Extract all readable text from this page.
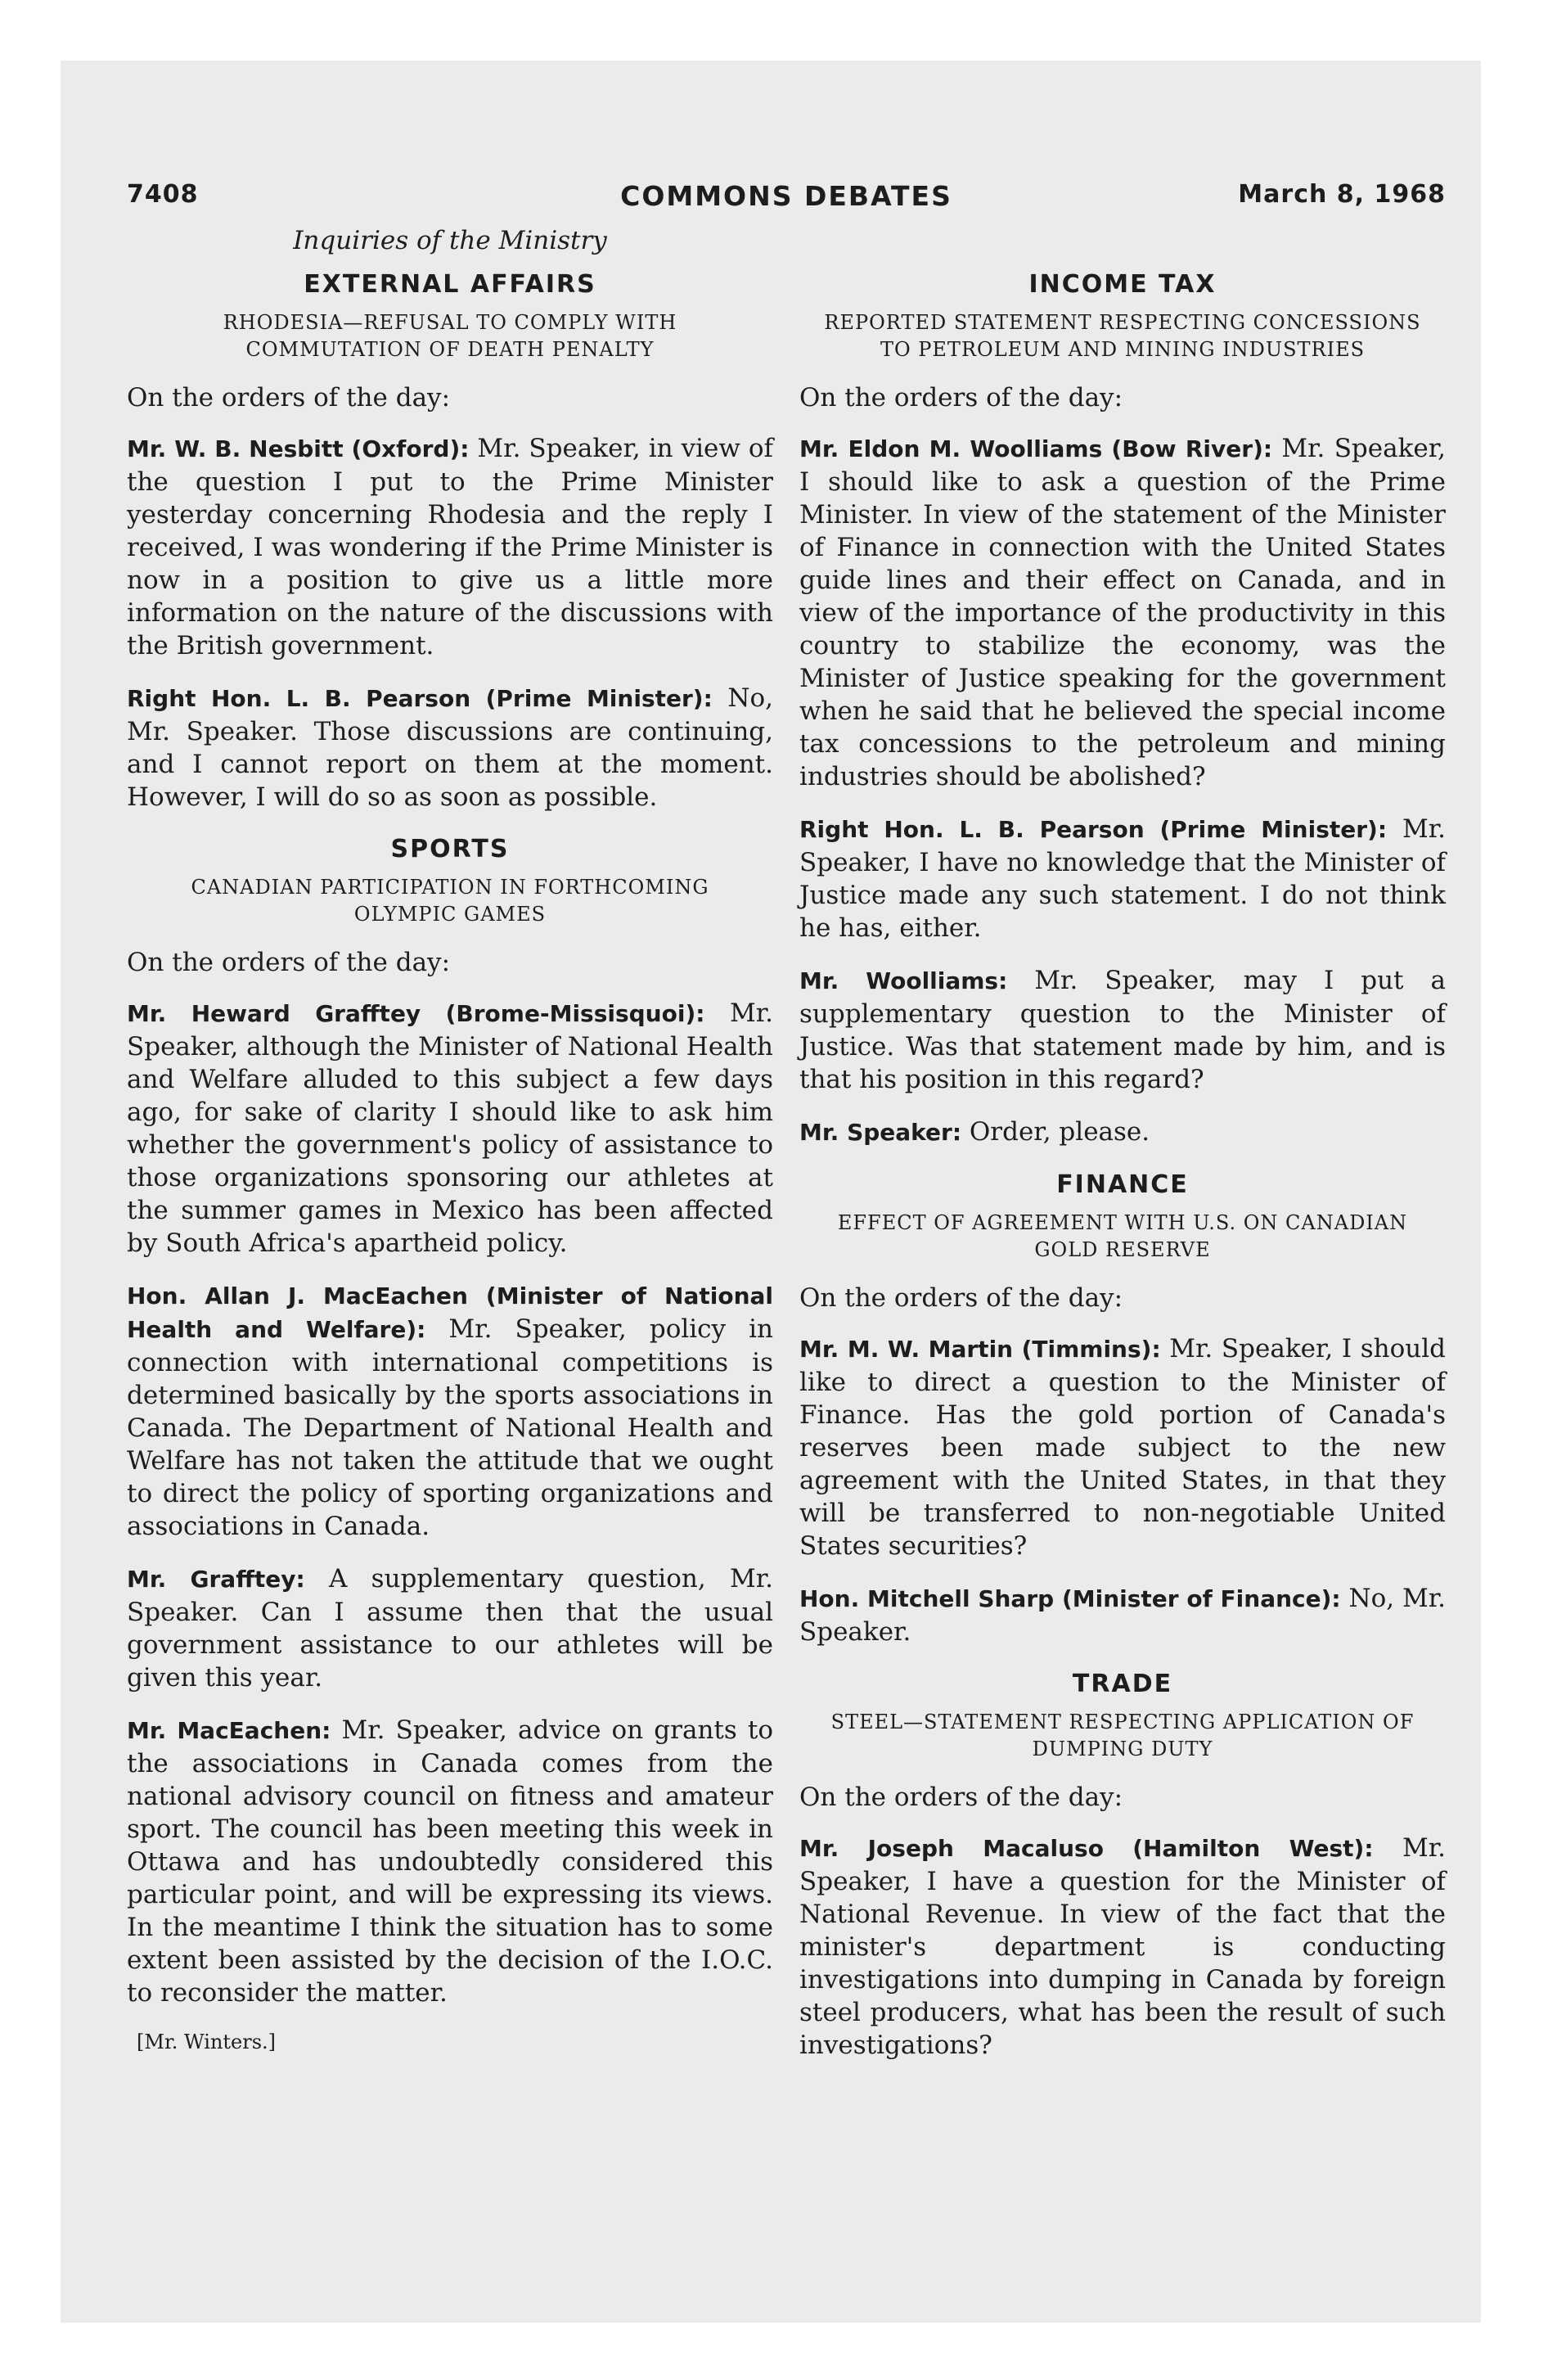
7408	COMMONS DEBATES	March 8, 1968
Inquiries of the Ministry
EXTERNAL AFFAIRS
RHODESIA—REFUSAL TO COMPLY WITH COMMUTATION OF DEATH PENALTY
On the orders of the day:

Mr. W. B. Nesbitt (Oxford): Mr. Speaker, in view of the question I put to the Prime Minister yesterday concerning Rhodesia and the reply I received, I was wondering if the Prime Minister is now in a position to give us a little more information on the nature of the discussions with the British government.

Right Hon. L. B. Pearson (Prime Minister): No, Mr. Speaker. Those discussions are continuing, and I cannot report on them at the moment. However, I will do so as soon as possible.

SPORTS
CANADIAN PARTICIPATION IN FORTHCOMING OLYMPIC GAMES
On the orders of the day:

Mr. Heward Grafftey (Brome-Missisquoi): Mr. Speaker, although the Minister of National Health and Welfare alluded to this subject a few days ago, for sake of clarity I should like to ask him whether the government's policy of assistance to those organizations sponsoring our athletes at the summer games in Mexico has been affected by South Africa's apartheid policy.

Hon. Allan J. MacEachen (Minister of National Health and Welfare): Mr. Speaker, policy in connection with international competitions is determined basically by the sports associations in Canada. The Department of National Health and Welfare has not taken the attitude that we ought to direct the policy of sporting organizations and associations in Canada.

Mr. Grafftey: A supplementary question, Mr. Speaker. Can I assume then that the usual government assistance to our athletes will be given this year.

Mr. MacEachen: Mr. Speaker, advice on grants to the associations in Canada comes from the national advisory council on fitness and amateur sport. The council has been meeting this week in Ottawa and has undoubtedly considered this particular point, and will be expressing its views. In the meantime I think the situation has to some extent been assisted by the decision of the I.O.C. to reconsider the matter.

[Mr. Winters.]
INCOME TAX
REPORTED STATEMENT RESPECTING CONCESSIONS TO PETROLEUM AND MINING INDUSTRIES
On the orders of the day:

Mr. Eldon M. Woolliams (Bow River): Mr. Speaker, I should like to ask a question of the Prime Minister. In view of the statement of the Minister of Finance in connection with the United States guide lines and their effect on Canada, and in view of the importance of the productivity in this country to stabilize the economy, was the Minister of Justice speaking for the government when he said that he believed the special income tax concessions to the petroleum and mining industries should be abolished?

Right Hon. L. B. Pearson (Prime Minister): Mr. Speaker, I have no knowledge that the Minister of Justice made any such statement. I do not think he has, either.

Mr. Woolliams: Mr. Speaker, may I put a supplementary question to the Minister of Justice. Was that statement made by him, and is that his position in this regard?

Mr. Speaker: Order, please.

FINANCE
EFFECT OF AGREEMENT WITH U.S. ON CANADIAN GOLD RESERVE
On the orders of the day:

Mr. M. W. Martin (Timmins): Mr. Speaker, I should like to direct a question to the Minister of Finance. Has the gold portion of Canada's reserves been made subject to the new agreement with the United States, in that they will be transferred to non-negotiable United States securities?

Hon. Mitchell Sharp (Minister of Finance): No, Mr. Speaker.

TRADE
STEEL—STATEMENT RESPECTING APPLICATION OF DUMPING DUTY
On the orders of the day:

Mr. Joseph Macaluso (Hamilton West): Mr. Speaker, I have a question for the Minister of National Revenue. In view of the fact that the minister's department is conducting investigations into dumping in Canada by foreign steel producers, what has been the result of such investigations?
